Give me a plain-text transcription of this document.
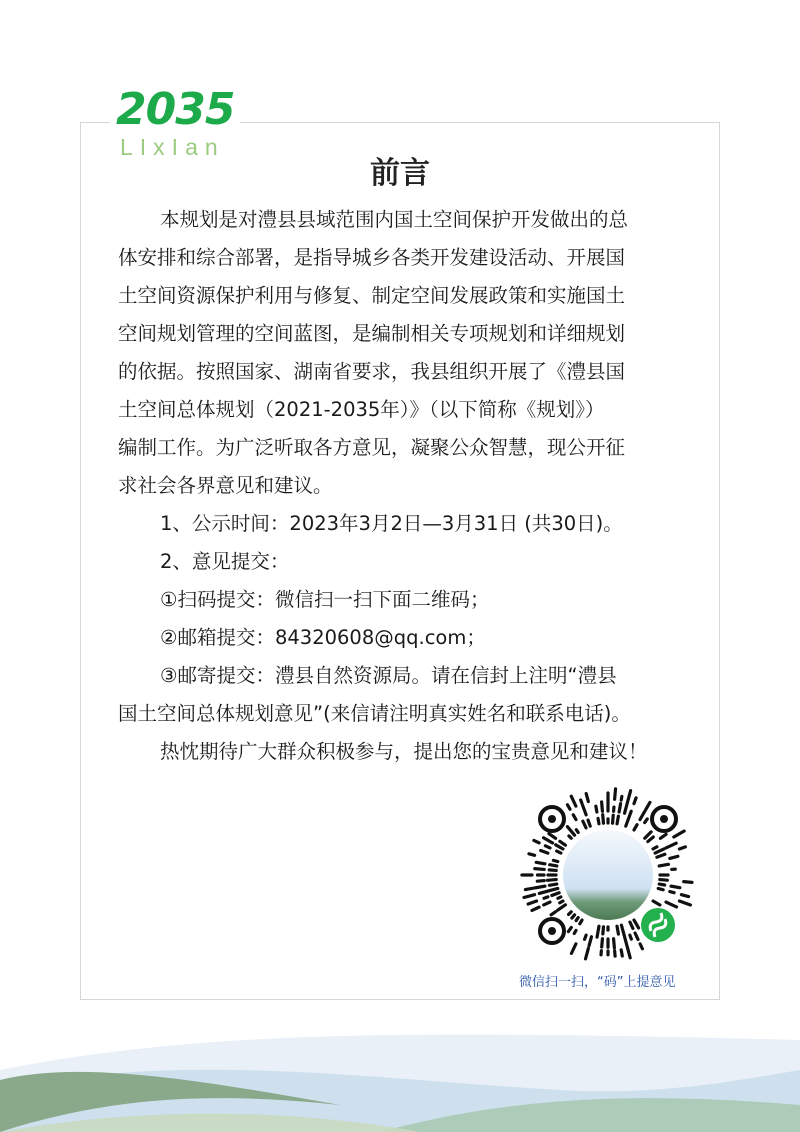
2035
LIxIan
前言
本规划是对澧县县域范围内国土空间保护开发做出的总
体安排和综合部署，是指导城乡各类开发建设活动、开展国
土空间资源保护利用与修复、制定空间发展政策和实施国土
空间规划管理的空间蓝图，是编制相关专项规划和详细规划
的依据。按照国家、湖南省要求，我县组织开展了《澧县国
土空间总体规划（2021-2035年）》（以下简称《规划》）
编制工作。为广泛听取各方意见，凝聚公众智慧，现公开征
求社会各界意见和建议。
1、公示时间：2023年3月2日—3月31日 (共30日)。
2、意见提交：
①扫码提交：微信扫一扫下面二维码；
②邮箱提交：84320608@qq.com；
③邮寄提交：澧县自然资源局。请在信封上注明“澧县
国土空间总体规划意见”(来信请注明真实姓名和联系电话)。
热忱期待广大群众积极参与，提出您的宝贵意见和建议！
微信扫一扫，“码”上提意见
